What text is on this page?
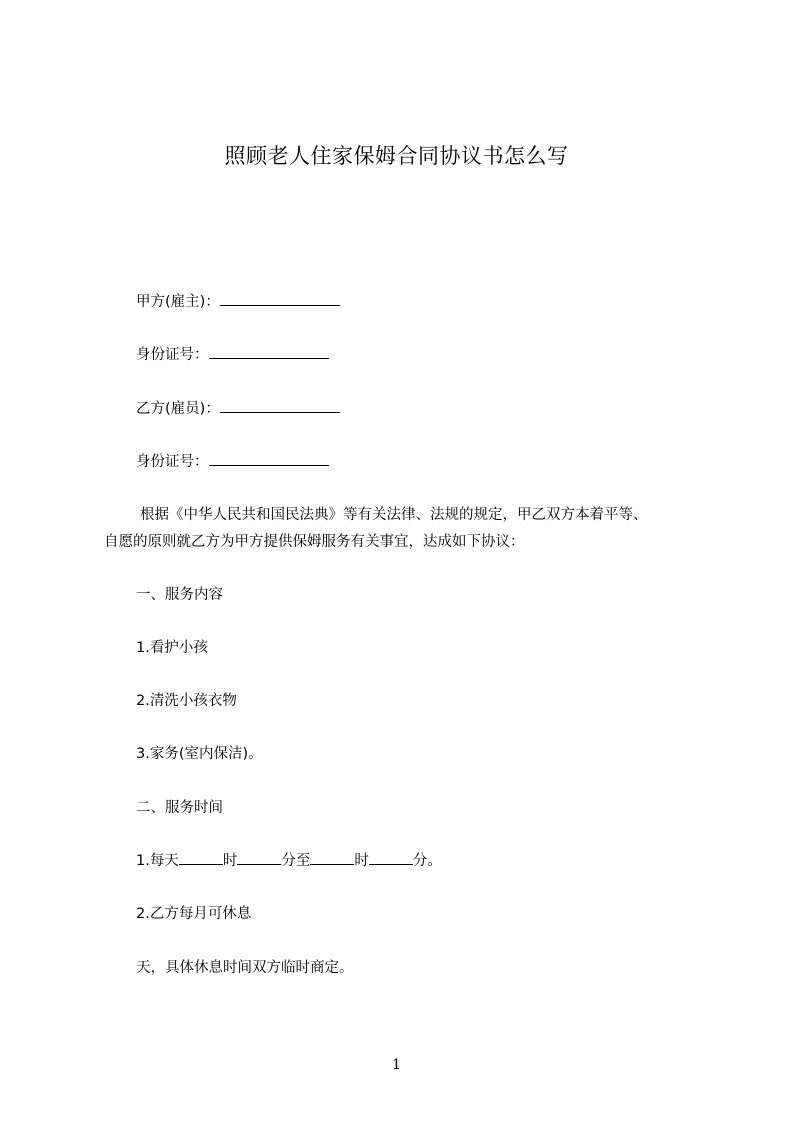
照顾老人住家保姆合同协议书怎么写
甲方(雇主)：
身份证号：
乙方(雇员)：
身份证号：
根据《中华人民共和国民法典》等有关法律、法规的规定，甲乙双方本着平等、
自愿的原则就乙方为甲方提供保姆服务有关事宜，达成如下协议：
一、服务内容
1.看护小孩
2.清洗小孩衣物
3.家务(室内保洁)。
二、服务时间
1.每天	时	分至	时	分。
2.乙方每月可休息
天，具体休息时间双方临时商定。
1
